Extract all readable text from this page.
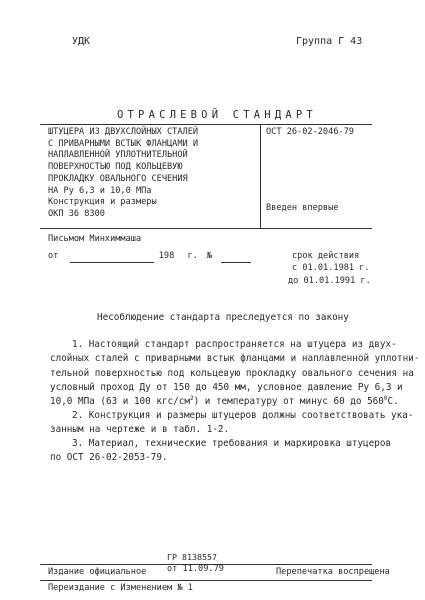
УДК	Группа Г 43
ОТРАСЛЕВОЙ СТАНДАРТ
ШТУЦЕРА ИЗ ДВУХСЛОЙНЫХ СТАЛЕЙ
С ПРИВАРНЫМИ ВСТЫК ФЛАНЦАМИ И
НАПЛАВЛЕННОЙ УПЛОТНИТЕЛЬНОЙ
ПОВЕРХНОСТЬЮ ПОД КОЛЬЦЕВУЮ
ПРОКЛАДКУ ОВАЛЬНОГО СЕЧЕНИЯ
НА Ру 6,3 и 10,0 МПа
Конструкция и размеры
ОКП 36 8300
ОСТ 26-02-2046-79
Введен впервые
Письмом Минхиммаша
от	198 г. №	срок действия
с 01.01.1981 г.
до 01.01.1991 г.
Несоблюдение стандарта преследуется по закону
1. Настоящий стандарт распространяется на штуцера из двух-
слойных сталей с приварными встык фланцами и наплавленной уплотни-
тельной поверхностью под кольцевую прокладку овального сечения на
условный проход Ду от 150 до 450 мм, условное давление Ру 6,3 и
10,0 МПа (63 и 100 кгс/$см^2$) и температуру от минус 60 до $560^0С$.
2. Конструкция и размеры штуцеров должны соответствовать ука-
занным на чертеже и в табл. 1-2.
3. Материал, технические требования и маркировка штуцеров
по ОСТ 26-02-2053-79.
ГР 8138557
Издание официальное от 11.09.79	Перепечатка воспрещена
Переиздание с Изменением № 1
